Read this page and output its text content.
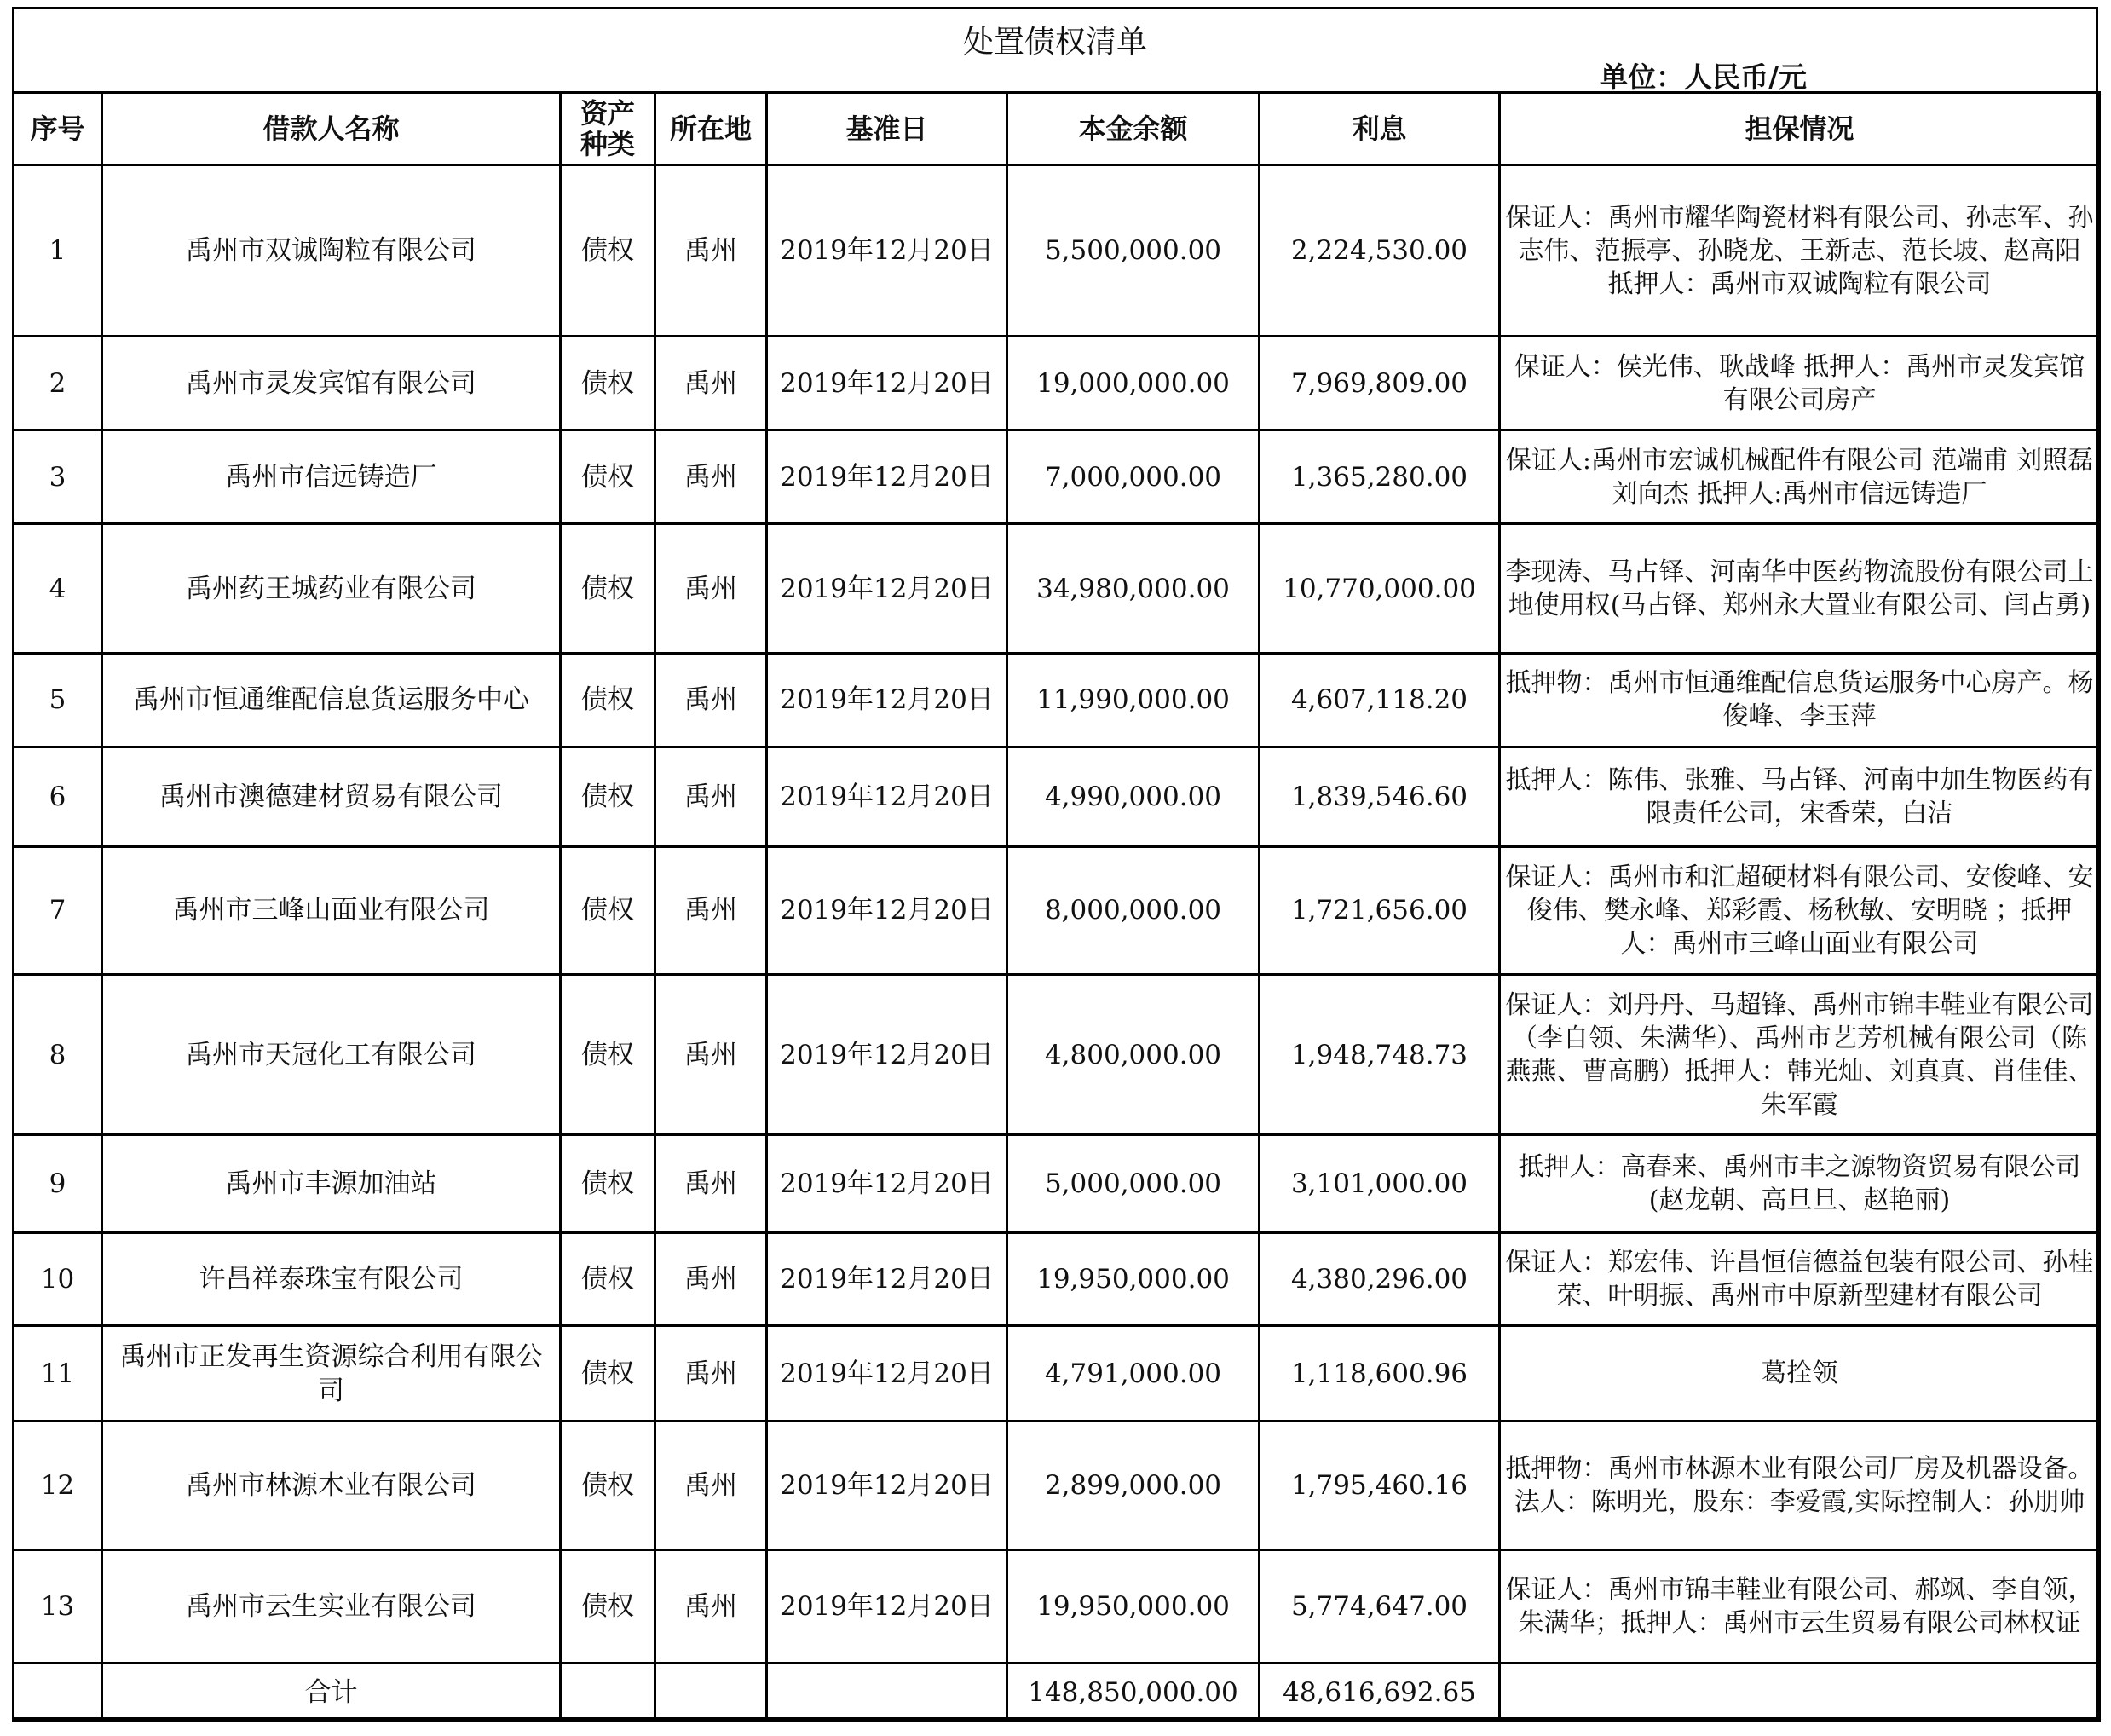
处置债权清单
单位：人民币/元
序号	借款人名称	资产种类	所在地	基准日	本金余额	利息	担保情况
1	禹州市双诚陶粒有限公司	债权	禹州	2019年12月20日	5,500,000.00	2,224,530.00	保证人：禹州市耀华陶瓷材料有限公司、孙志军、孙志伟、范振亭、孙晓龙、王新志、范长坡、赵高阳 抵押人：禹州市双诚陶粒有限公司
2	禹州市灵发宾馆有限公司	债权	禹州	2019年12月20日	19,000,000.00	7,969,809.00	保证人：侯光伟、耿战峰 抵押人：禹州市灵发宾馆有限公司房产
3	禹州市信远铸造厂	债权	禹州	2019年12月20日	7,000,000.00	1,365,280.00	保证人:禹州市宏诚机械配件有限公司 范端甫 刘照磊 刘向杰 抵押人:禹州市信远铸造厂
4	禹州药王城药业有限公司	债权	禹州	2019年12月20日	34,980,000.00	10,770,000.00	李现涛、马占铎、河南华中医药物流股份有限公司土地使用权(马占铎、郑州永大置业有限公司、闫占勇)
5	禹州市恒通维配信息货运服务中心	债权	禹州	2019年12月20日	11,990,000.00	4,607,118.20	抵押物：禹州市恒通维配信息货运服务中心房产。杨俊峰、李玉萍
6	禹州市澳德建材贸易有限公司	债权	禹州	2019年12月20日	4,990,000.00	1,839,546.60	抵押人：陈伟、张雅、马占铎、河南中加生物医药有限责任公司，宋香荣，白洁
7	禹州市三峰山面业有限公司	债权	禹州	2019年12月20日	8,000,000.00	1,721,656.00	保证人：禹州市和汇超硬材料有限公司、安俊峰、安俊伟、樊永峰、郑彩霞、杨秋敏、安明晓 ；抵押人：禹州市三峰山面业有限公司
8	禹州市天冠化工有限公司	债权	禹州	2019年12月20日	4,800,000.00	1,948,748.73	保证人：刘丹丹、马超锋、禹州市锦丰鞋业有限公司（李自领、朱满华）、禹州市艺芳机械有限公司（陈燕燕、曹高鹏）抵押人：韩光灿、刘真真、肖佳佳、朱军霞
9	禹州市丰源加油站	债权	禹州	2019年12月20日	5,000,000.00	3,101,000.00	抵押人：高春来、禹州市丰之源物资贸易有限公司(赵龙朝、高旦旦、赵艳丽)
10	许昌祥泰珠宝有限公司	债权	禹州	2019年12月20日	19,950,000.00	4,380,296.00	保证人：郑宏伟、许昌恒信德益包装有限公司、孙桂荣、叶明振、禹州市中原新型建材有限公司
11	禹州市正发再生资源综合利用有限公司	债权	禹州	2019年12月20日	4,791,000.00	1,118,600.96	葛拴领
12	禹州市林源木业有限公司	债权	禹州	2019年12月20日	2,899,000.00	1,795,460.16	抵押物：禹州市林源木业有限公司厂房及机器设备。法人：陈明光，股东：李爱霞,实际控制人：孙朋帅
13	禹州市云生实业有限公司	债权	禹州	2019年12月20日	19,950,000.00	5,774,647.00	保证人：禹州市锦丰鞋业有限公司、郝飒、李自领，朱满华；抵押人：禹州市云生贸易有限公司林权证
	合计				148,850,000.00	48,616,692.65	
